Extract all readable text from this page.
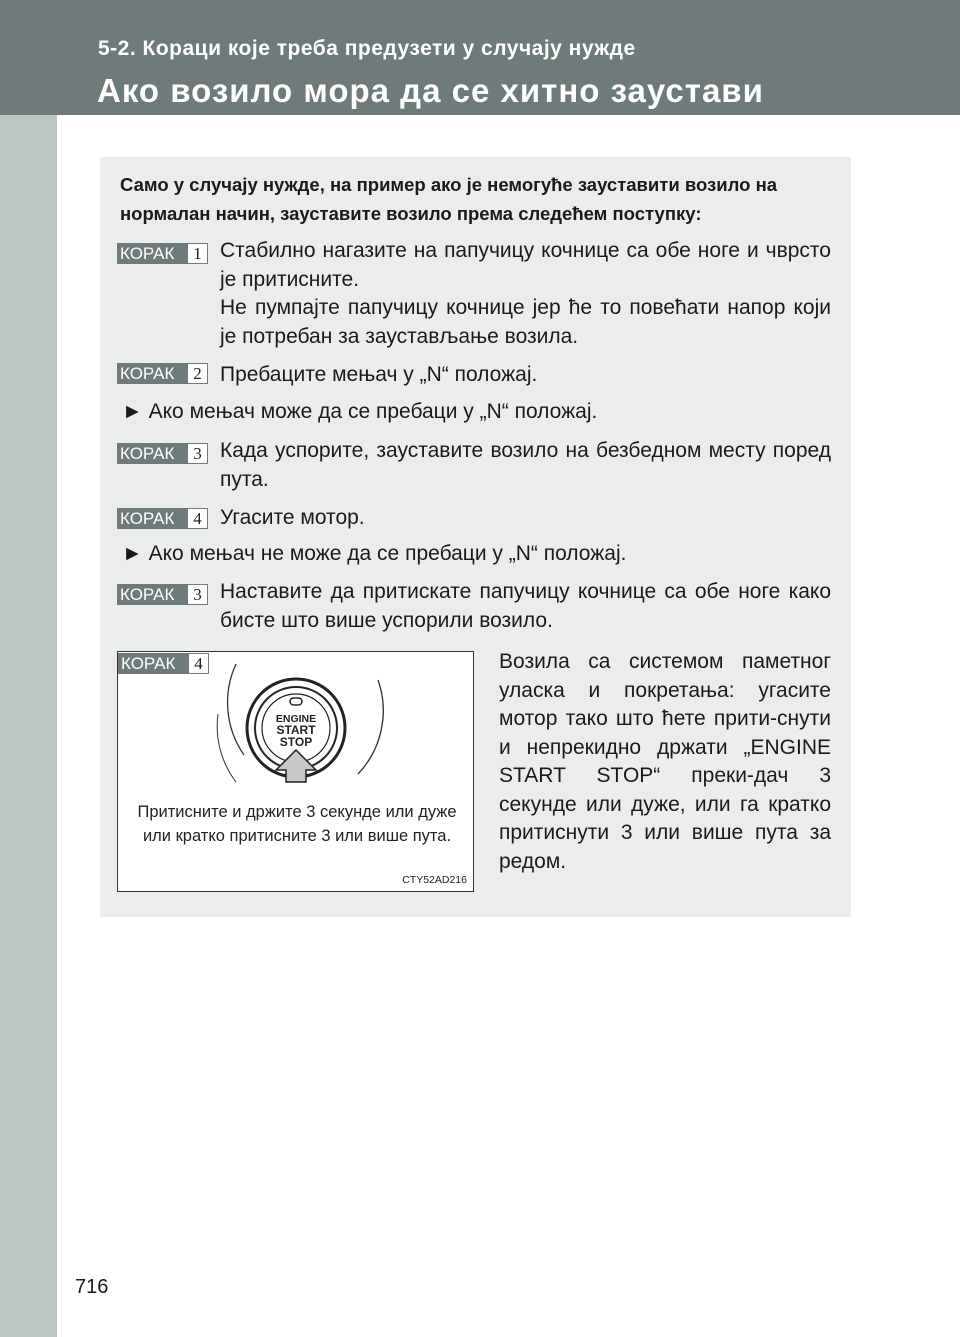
5-2. Кораци које треба предузети у случају нужде
Ако возило мора да се хитно заустави
Само у случају нужде, на пример ако је немогуће зауставити возило на нормалан начин, зауставите возило према следећем поступку:
КОРАК	1 Стабилно нагазите на папучицу кочнице са обе ноге и чврсто је притисните.

Не пумпајте папучицу кочнице јер ће то повећати напор који је потребан за заустављање возила.

КОРАК	2 Пребаците мењач у „N“ положај.

► Ако мењач може да се пребаци у „N“ положај.
КОРАК	3 Када успорите, зауставите возило на безбедном месту поред пута.

КОРАК	4 Угасите мотор.

► Ако мењач не може да се пребаци у „N“ положај.
КОРАК	3 Наставите да притискате папучицу кочнице са обе ноге како бисте што више успорили возило.

ENGINE
START
STOP
КОРАК	4
Притисните и држите 3 секунде или дуже или кратко притисните 3 или више пута.
CTY52AD216
Возила са системом паметног уласка и покретања: угасите мотор тако што ћете прити-снути и непрекидно држати „ENGINE START STOP“ преки-дач 3 секунде или дуже, или га кратко притиснути 3 или више пута за редом.
716
